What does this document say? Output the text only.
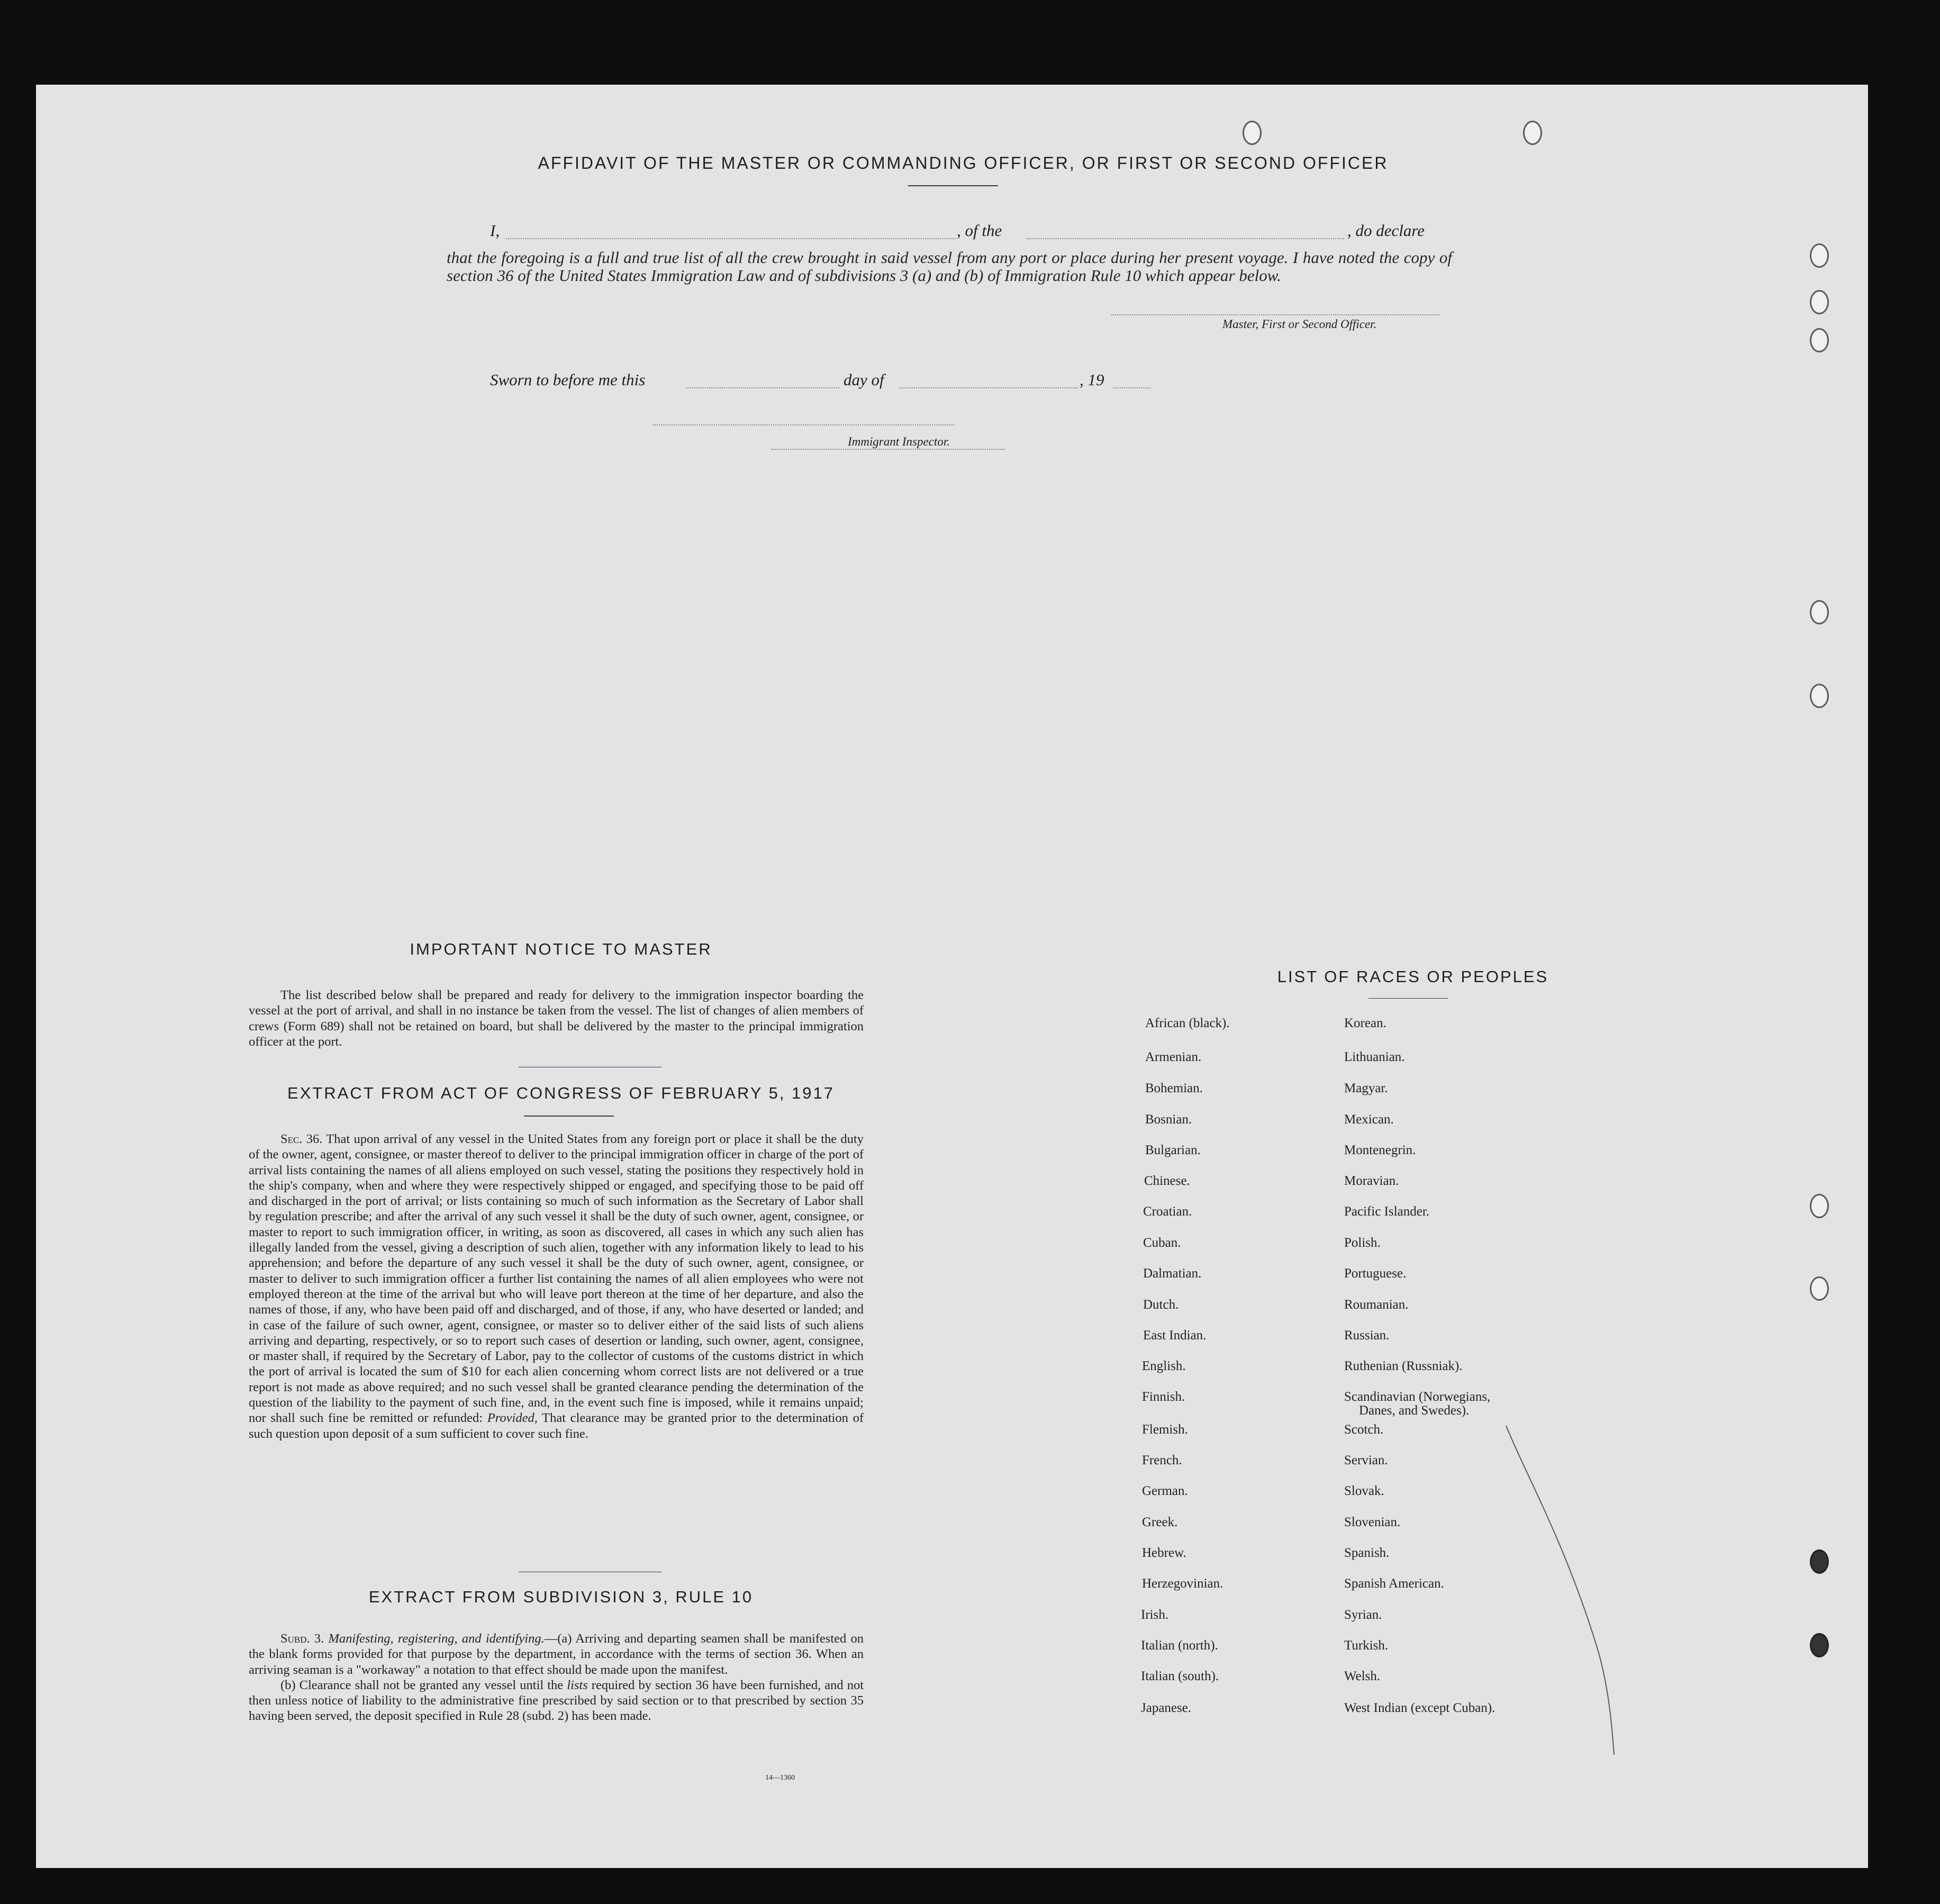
AFFIDAVIT OF THE MASTER OR COMMANDING OFFICER, OR FIRST OR SECOND OFFICER
I,	, of the	, do declare
that the foregoing is a full and true list of all the crew brought in said vessel from any port or place during her present voyage. I have noted the copy of section 36 of the United States Immigration Law and of subdivisions 3 (a) and (b) of Immigration Rule 10 which appear below.
Master, First or Second Officer.
Sworn to before me this	day of	, 19
Immigrant Inspector.
IMPORTANT NOTICE TO MASTER

The list described below shall be prepared and ready for delivery to the immigration inspector boarding the vessel at the port of arrival, and shall in no instance be taken from the vessel. The list of changes of alien members of crews (Form 689) shall not be retained on board, but shall be delivered by the master to the principal immigration officer at the port.

EXTRACT FROM ACT OF CONGRESS OF FEBRUARY 5, 1917

Sec. 36. That upon arrival of any vessel in the United States from any foreign port or place it shall be the duty of the owner, agent, consignee, or master thereof to deliver to the principal immigration officer in charge of the port of arrival lists containing the names of all aliens employed on such vessel, stating the positions they respectively hold in the ship's company, when and where they were respectively shipped or engaged, and specifying those to be paid off and discharged in the port of arrival; or lists containing so much of such information as the Secretary of Labor shall by regulation prescribe; and after the arrival of any such vessel it shall be the duty of such owner, agent, consignee, or master to report to such immigration officer, in writing, as soon as discovered, all cases in which any such alien has illegally landed from the vessel, giving a description of such alien, together with any information likely to lead to his apprehension; and before the departure of any such vessel it shall be the duty of such owner, agent, consignee, or master to deliver to such immigration officer a further list containing the names of all alien employees who were not employed thereon at the time of the arrival but who will leave port thereon at the time of her departure, and also the names of those, if any, who have been paid off and discharged, and of those, if any, who have deserted or landed; and in case of the failure of such owner, agent, consignee, or master so to deliver either of the said lists of such aliens arriving and departing, respectively, or so to report such cases of desertion or landing, such owner, agent, consignee, or master shall, if required by the Secretary of Labor, pay to the collector of customs of the customs district in which the port of arrival is located the sum of $10 for each alien concerning whom correct lists are not delivered or a true report is not made as above required; and no such vessel shall be granted clearance pending the determination of the question of the liability to the payment of such fine, and, in the event such fine is imposed, while it remains unpaid; nor shall such fine be remitted or refunded: Provided, That clearance may be granted prior to the determination of such question upon deposit of a sum sufficient to cover such fine.

EXTRACT FROM SUBDIVISION 3, RULE 10

Subd. 3. Manifesting, registering, and identifying.—(a) Arriving and departing seamen shall be manifested on the blank forms provided for that purpose by the department, in accordance with the terms of section 36. When an arriving seaman is a "workaway" a notation to that effect should be made upon the manifest.

(b) Clearance shall not be granted any vessel until the lists required by section 36 have been furnished, and not then unless notice of liability to the administrative fine prescribed by said section or to that prescribed by section 35 having been served, the deposit specified in Rule 28 (subd. 2) has been made.

14—1360
LIST OF RACES OR PEOPLES
African (black).
Armenian.
Bohemian.
Bosnian.
Bulgarian.
Chinese.
Croatian.
Cuban.
Dalmatian.
Dutch.
East Indian.
English.
Finnish.
Flemish.
French.
German.
Greek.
Hebrew.
Herzegovinian.
Irish.
Italian (north).
Italian (south).
Japanese.
Korean.
Lithuanian.
Magyar.
Mexican.
Montenegrin.
Moravian.
Pacific Islander.
Polish.
Portuguese.
Roumanian.
Russian.
Ruthenian (Russniak).
Scandinavian (Norwegians,
Danes, and Swedes).
Scotch.
Servian.
Slovak.
Slovenian.
Spanish.
Spanish American.
Syrian.
Turkish.
Welsh.
West Indian (except Cuban).
